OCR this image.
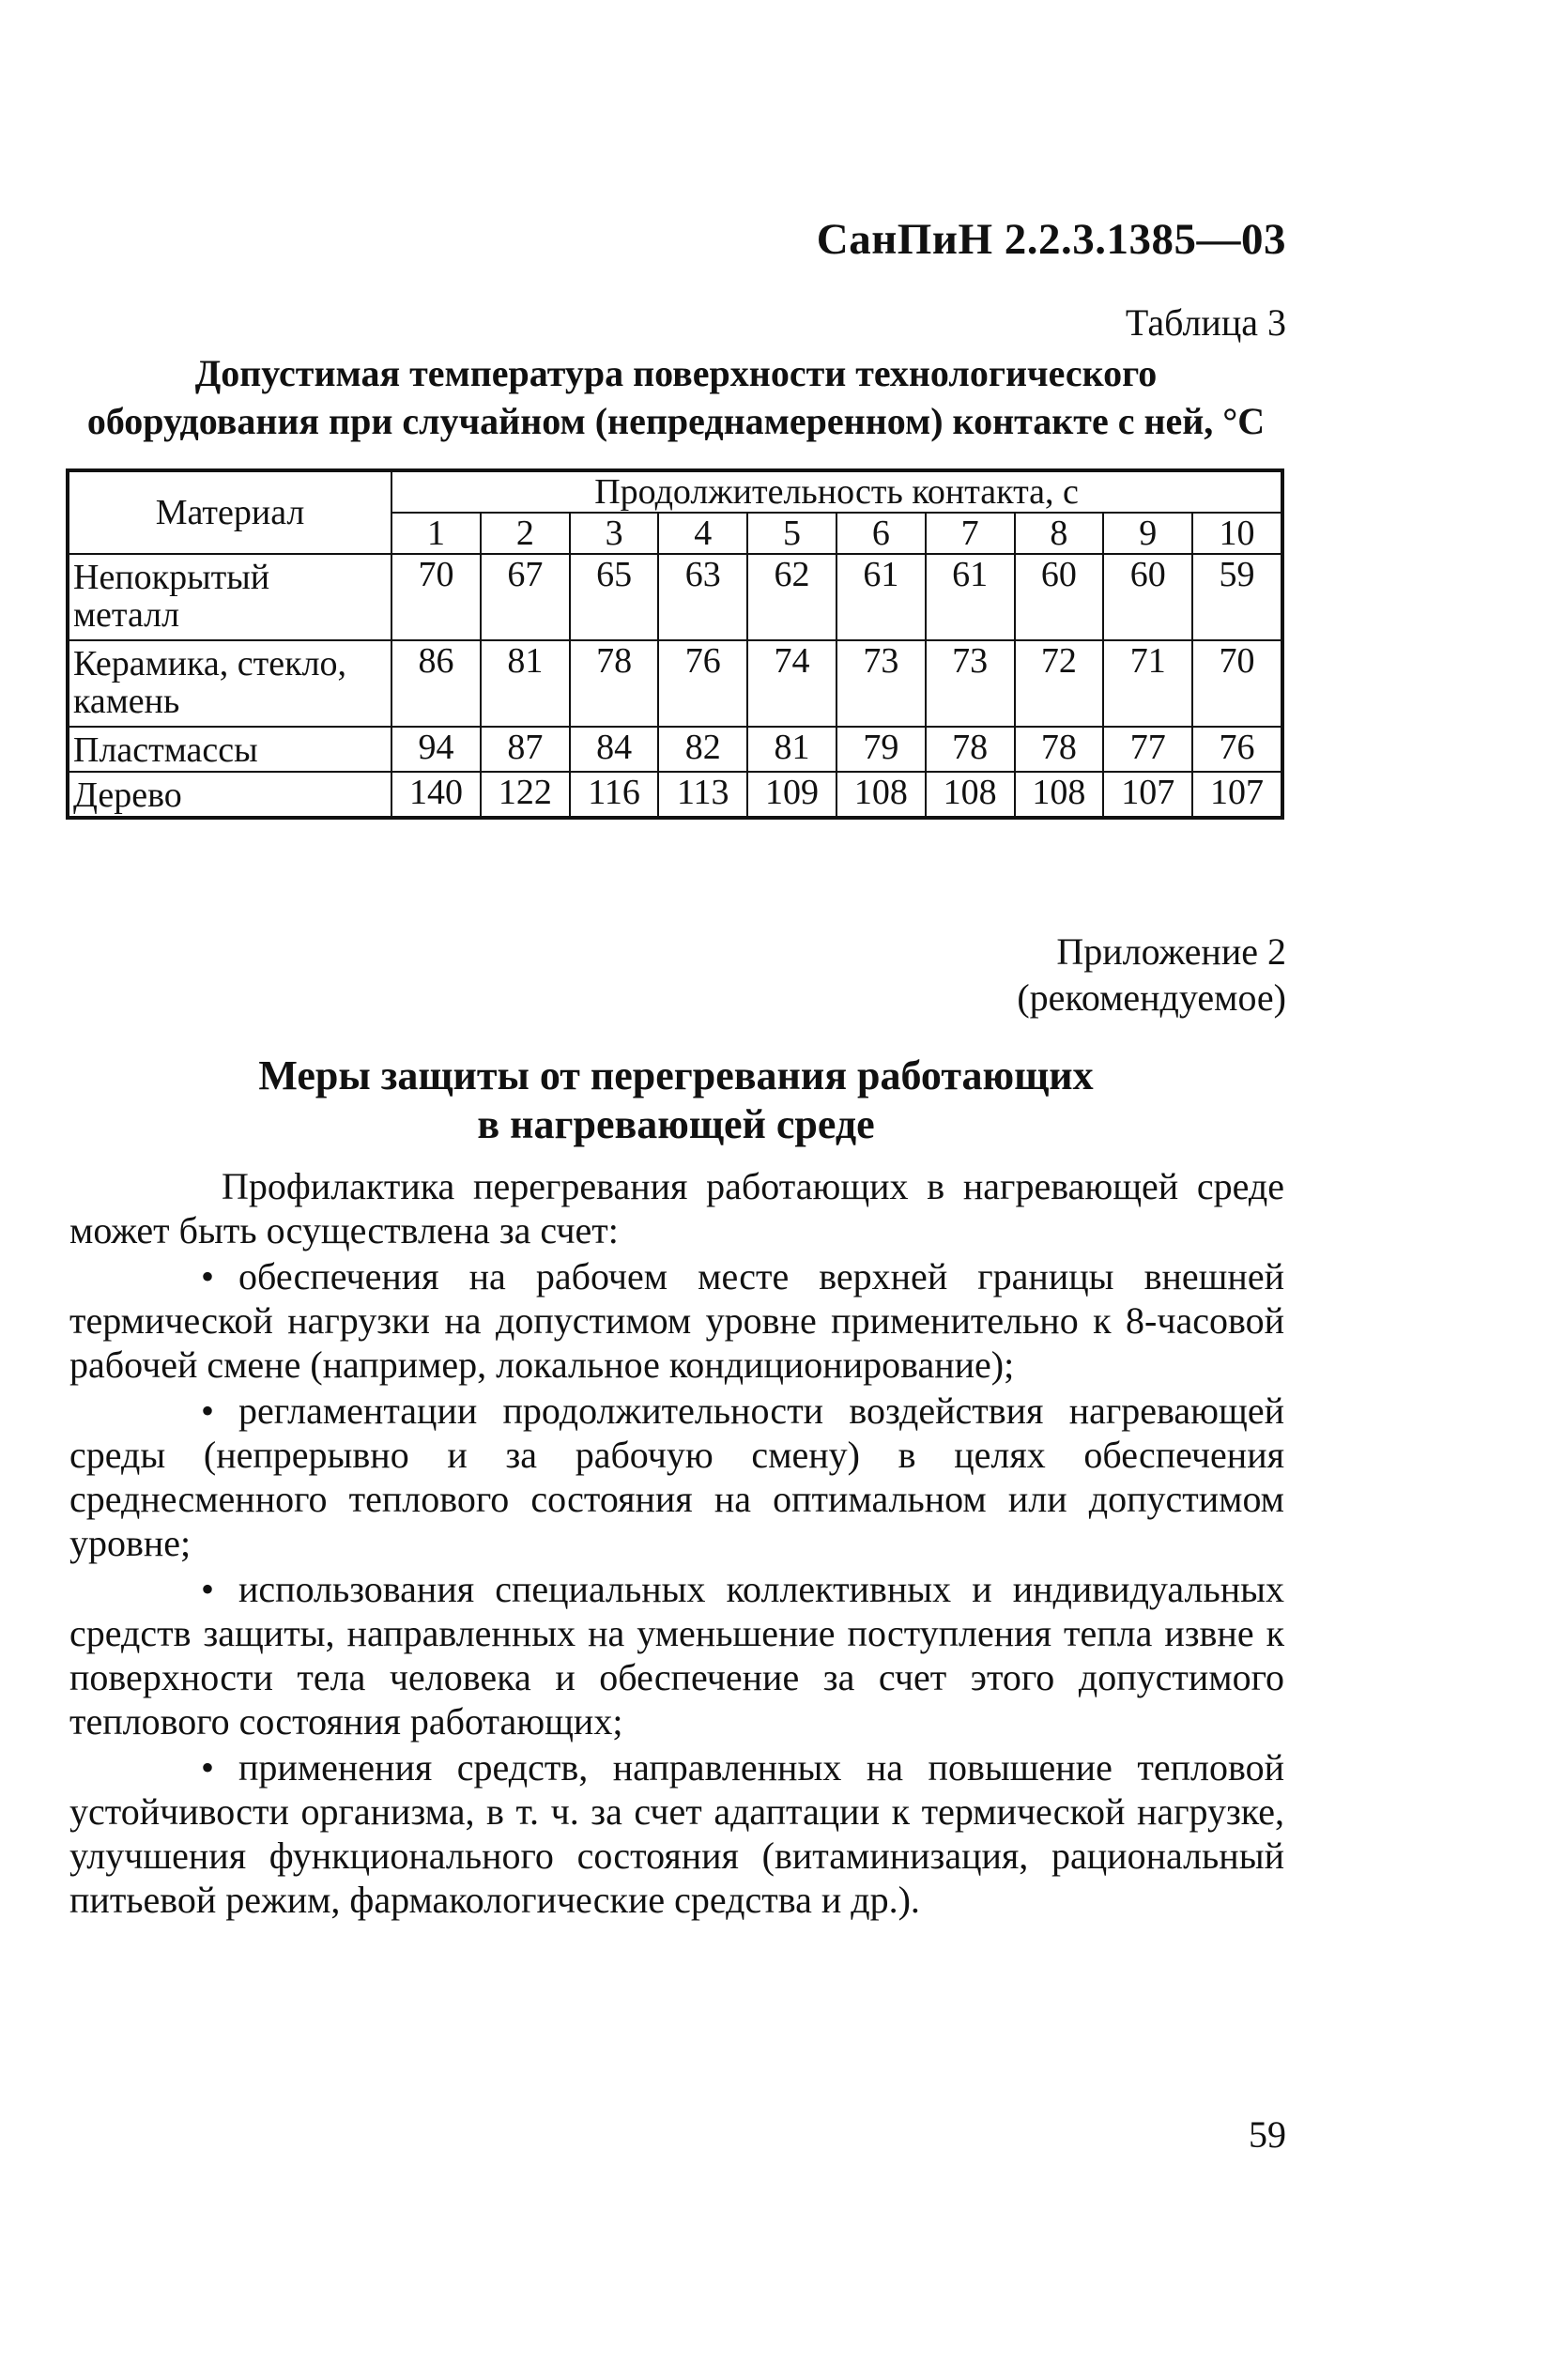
СанПиН 2.2.3.1385—03
Таблица 3
Допустимая температура поверхности технологического
оборудования при случайном (непреднамеренном) контакте с ней, °С
Материал	Продолжительность контакта, с									
	1	2	3	4	5	6	7	8	9	10

Непокрытый
металл	70	67	65	63	62	61	61	60	60	59

Керамика, стекло,
камень	86	81	78	76	74	73	73	72	71	70
Пластмассы	94	87	84	82	81	79	78	78	77	76
Дерево	140	122	116	113	109	108	108	108	107	107
Приложение 2
(рекомендуемое)
Меры защиты от перегревания работающих
в нагревающей среде

Профилактика перегревания работающих в нагревающей среде может быть осуществлена за счет:

• обеспечения на рабочем месте верхней границы внешней термической нагрузки на допустимом уровне применительно к 8-часовой рабочей смене (например, локальное кондиционирование);
• регламентации продолжительности воздействия нагревающей среды (непрерывно и за рабочую смену) в целях обеспечения среднесменного теплового состояния на оптимальном или допустимом уровне;
• использования специальных коллективных и индивидуальных средств защиты, направленных на уменьшение поступления тепла извне к поверхности тела человека и обеспечение за счет этого допустимого теплового состояния работающих;
• применения средств, направленных на повышение тепловой устойчивости организма, в т. ч. за счет адаптации к термической нагрузке, улучшения функционального состояния (витаминизация, рациональный питьевой режим, фармакологические средства и др.).
59
